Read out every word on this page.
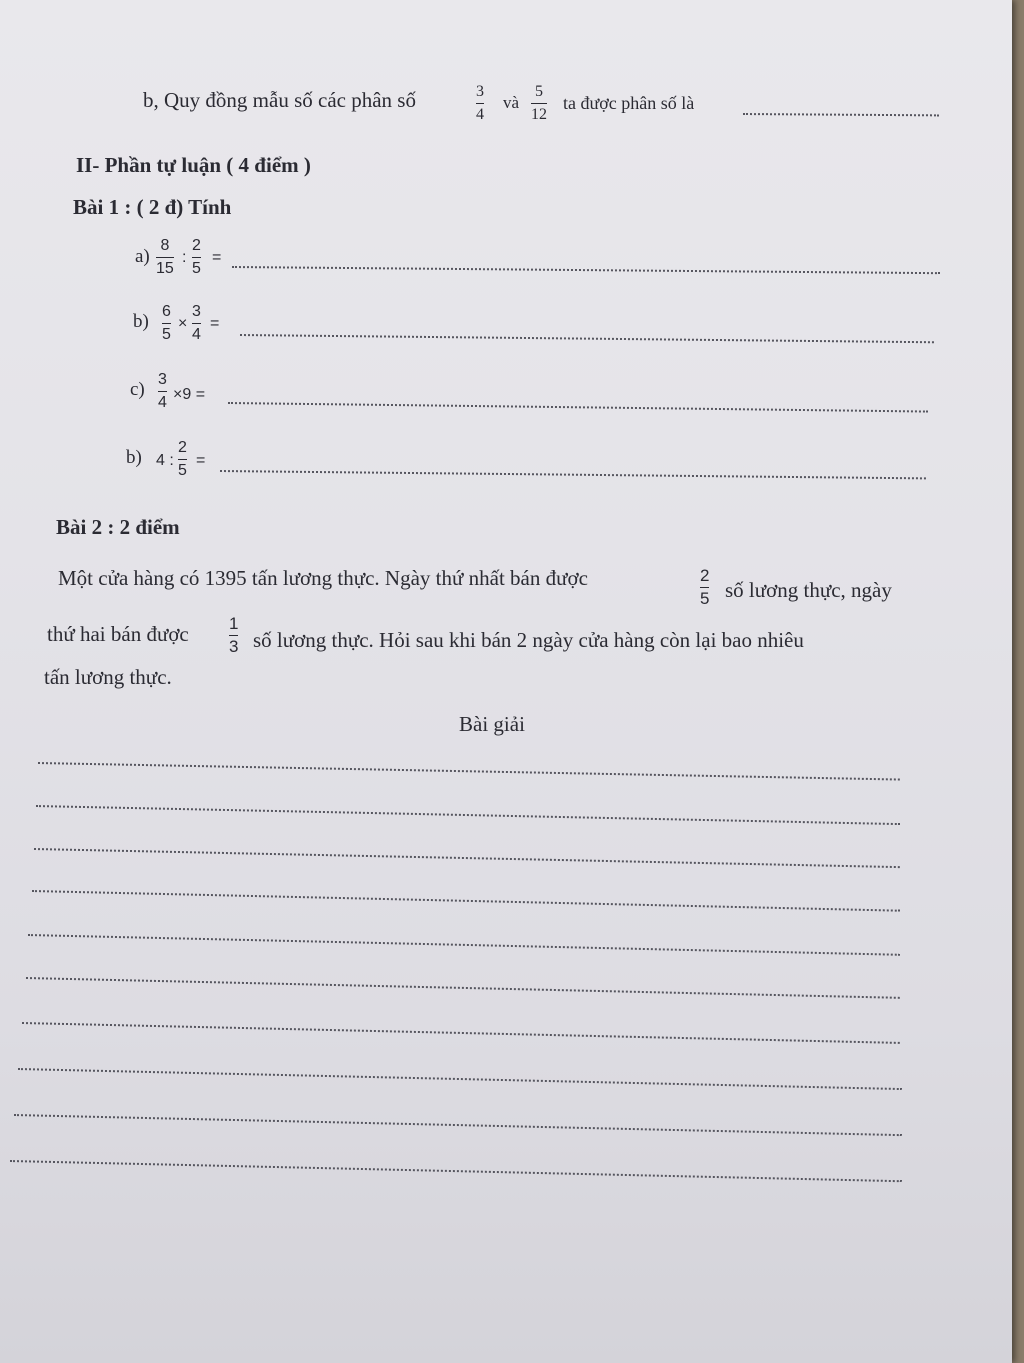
b, Quy đồng mẫu số các phân số	3
4
và
5
12
ta được phân số là
II- Phần tự luận ( 4 điểm )
Bài 1 : ( 2 đ) Tính
a)
8
15
:
2
5
=
b) 6
5
×
3
4
=
c) 3
4 ×9 =
b) 4 :
2
5
=
Bài 2 : 2 điểm
Một cửa hàng có 1395 tấn lương thực. Ngày thứ nhất bán được	2
5 số lương thực, ngày
thứ hai bán được 1
3 số lương thực. Hỏi sau khi bán 2 ngày cửa hàng còn lại bao nhiêu
tấn lương thực.
Bài giải
